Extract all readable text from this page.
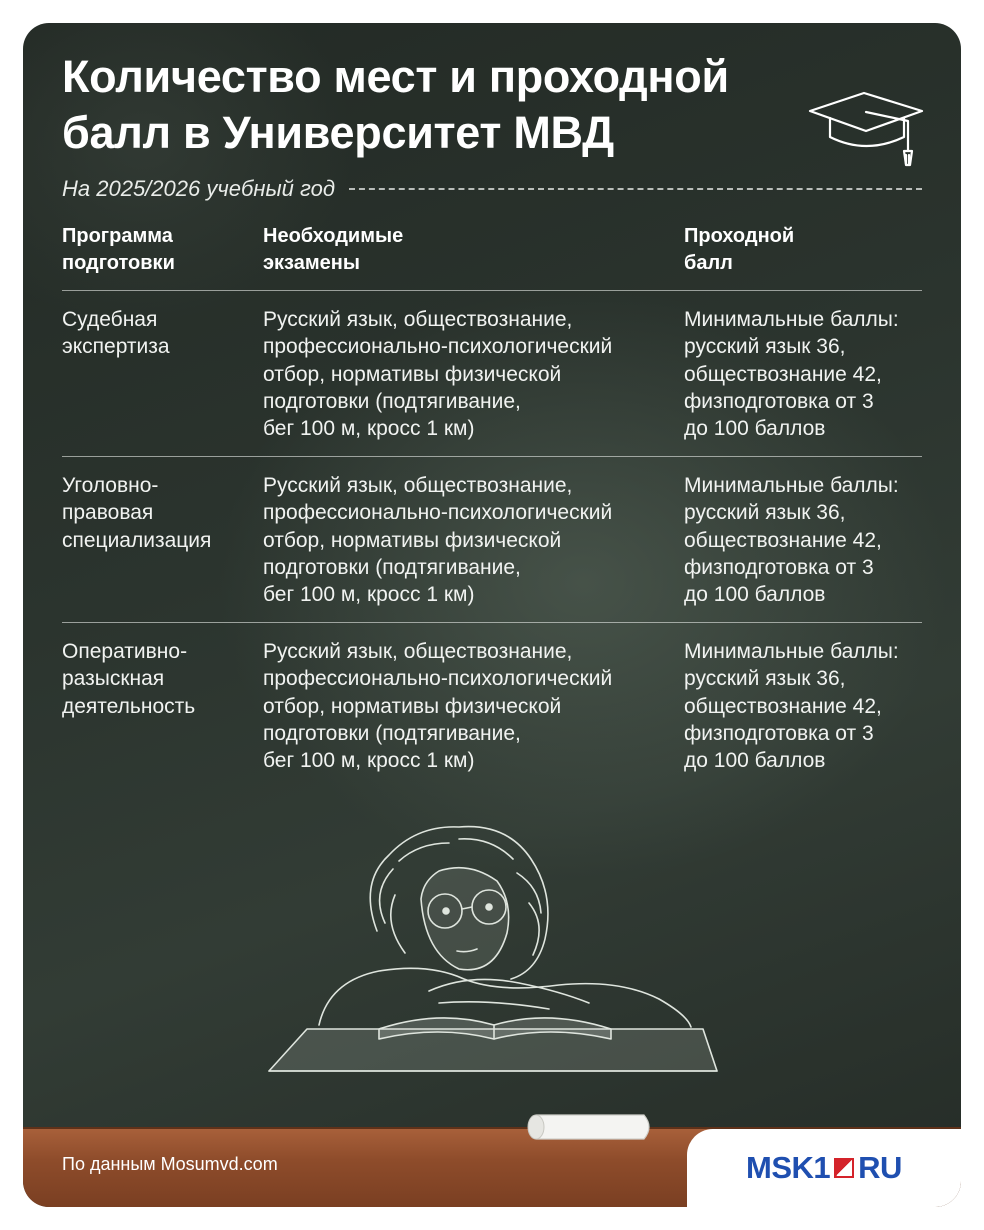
Количество мест и проходной балл в Университет МВД
На 2025/2026 учебный год
Программа
подготовки
Необходимые
экзамены
Проходной
балл
Судебная
экспертиза
Русский язык, обществознание,
профессионально-психологический
отбор, нормативы физической
подготовки (подтягивание,
бег 100 м, кросс 1 км)
Минимальные баллы:
русский язык 36,
обществознание 42,
физподготовка от 3
до 100 баллов
Уголовно-
правовая
специализация
Русский язык, обществознание,
профессионально-психологический
отбор, нормативы физической
подготовки (подтягивание,
бег 100 м, кросс 1 км)
Минимальные баллы:
русский язык 36,
обществознание 42,
физподготовка от 3
до 100 баллов
Оперативно-
разыскная
деятельность
Русский язык, обществознание,
профессионально-психологический
отбор, нормативы физической
подготовки (подтягивание,
бег 100 м, кросс 1 км)
Минимальные баллы:
русский язык 36,
обществознание 42,
физподготовка от 3
до 100 баллов
По данным Mosumvd.com	MSK1 RU
